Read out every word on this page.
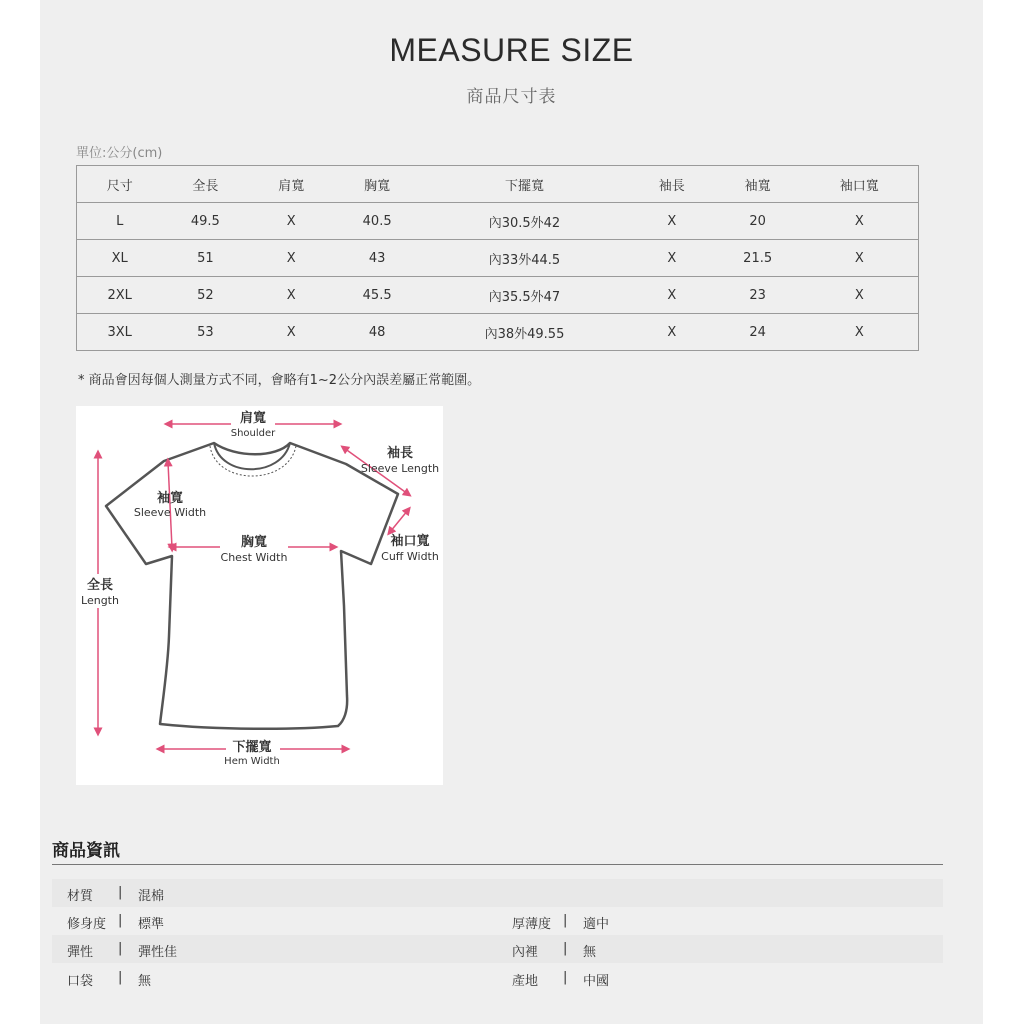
MEASURE SIZE
商品尺寸表
單位:公分(cm)
尺寸	全長	肩寬	胸寬	下擺寬	袖長	袖寬	袖口寬
L	49.5	X	40.5	內30.5外42	X	20	X
XL	51	X	43	內33外44.5	X	21.5	X
2XL	52	X	45.5	內35.5外47	X	23	X
3XL	53	X	48	內38外49.55	X	24	X
* 商品會因每個人測量方式不同，會略有1~2公分內誤差屬正常範圍。
肩寬
Shoulder
袖長
Sleeve Length
袖寬
Sleeve Width
胸寬
Chest Width
袖口寬
Cuff Width
全長
Length
下擺寬
Hem Width
商品資訊
材質 | 混棉
修身度 | 標準	厚薄度 | 適中
彈性 | 彈性佳	內裡 | 無
口袋 | 無	產地 | 中國
